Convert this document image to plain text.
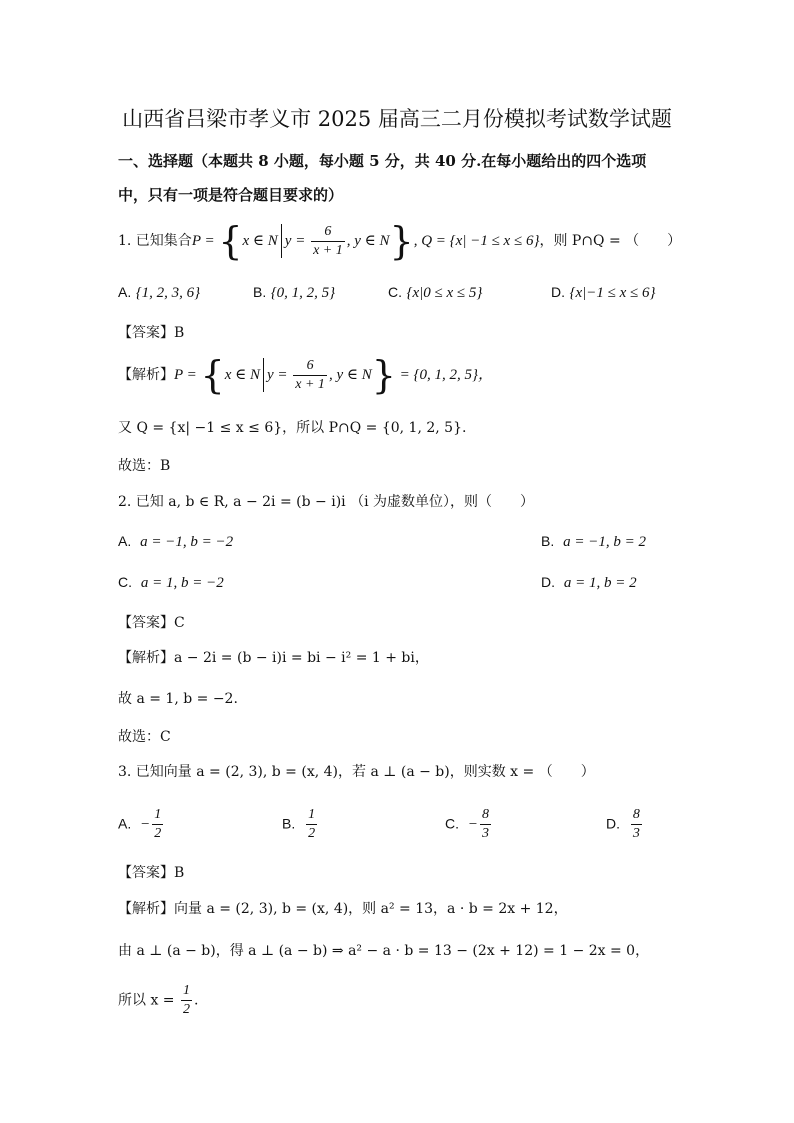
山西省吕梁市孝义市 2025 届高三二月份模拟考试数学试题
一、选择题（本题共 8 小题，每小题 5 分，共 40 分.在每小题给出的四个选项
中，只有一项是符合题目要求的）
1. 已知集合P = {x ∈ N $y = \frac{6}{x + 1}$ , y ∈ N}, Q = {x| −1 ≤ x ≤ 6}，则 P∩Q = （　　）
A. {1, 2, 3, 6}	B. {0, 1, 2, 5}	C. {x|0 ≤ x ≤ 5}	D. {x|−1 ≤ x ≤ 6}
【答案】B
【解析】P = {x ∈ N $y = \frac{6}{x + 1}$ , y ∈ N} = {0, 1, 2, 5}，
又 Q = {x| −1 ≤ x ≤ 6}，所以 P∩Q = {0, 1, 2, 5}.
故选：B
2. 已知 a, b ∈ R, a − 2i = (b − i)i （i 为虚数单位），则（　　）
A. a = −1, b = −2	B. a = −1, b = 2
C. a = 1, b = −2	D. a = 1, b = 2
【答案】C
【解析】a − 2i = (b − i)i = bi − i² = 1 + bi，
故 a = 1, b = −2.
故选：C
3. 已知向量 a = (2, 3), b = (x, 4)，若 a ⊥ (a − b)，则实数 x = （　　）
A. − $\frac{1}{2}$	B. $\frac{1}{2}$	C. − $\frac{8}{3}$	D. $\frac{8}{3}$
【答案】B
【解析】向量 a = (2, 3), b = (x, 4)，则 a² = 13，a · b = 2x + 12，
由 a ⊥ (a − b)，得 a ⊥ (a − b) ⇒ a² − a · b = 13 − (2x + 12) = 1 − 2x = 0，
所以 $x = \frac{1}{2}$ .
